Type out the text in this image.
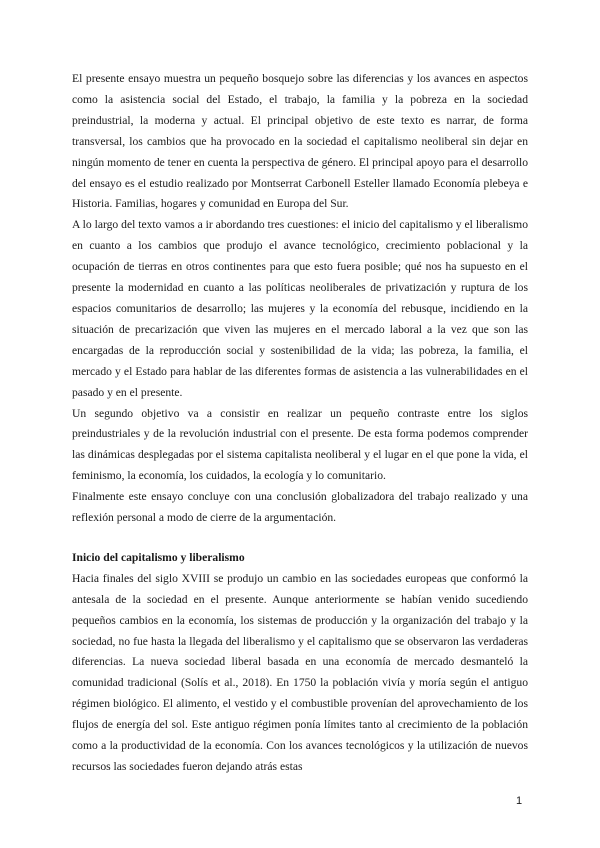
El presente ensayo muestra un pequeño bosquejo sobre las diferencias y los avances en aspectos como la asistencia social del Estado, el trabajo, la familia y la pobreza en la sociedad preindustrial, la moderna y actual. El principal objetivo de este texto es narrar, de forma transversal, los cambios que ha provocado en la sociedad el capitalismo neoliberal sin dejar en ningún momento de tener en cuenta la perspectiva de género. El principal apoyo para el desarrollo del ensayo es el estudio realizado por Montserrat Carbonell Esteller llamado Economía plebeya e Historia. Familias, hogares y comunidad en Europa del Sur.

A lo largo del texto vamos a ir abordando tres cuestiones: el inicio del capitalismo y el liberalismo en cuanto a los cambios que produjo el avance tecnológico, crecimiento poblacional y la ocupación de tierras en otros continentes para que esto fuera posible; qué nos ha supuesto en el presente la modernidad en cuanto a las políticas neoliberales de privatización y ruptura de los espacios comunitarios de desarrollo; las mujeres y la economía del rebusque, incidiendo en la situación de precarización que viven las mujeres en el mercado laboral a la vez que son las encargadas de la reproducción social y sostenibilidad de la vida; las pobreza, la familia, el mercado y el Estado para hablar de las diferentes formas de asistencia a las vulnerabilidades en el pasado y en el presente.

Un segundo objetivo va a consistir en realizar un pequeño contraste entre los siglos preindustriales y de la revolución industrial con el presente. De esta forma podemos comprender las dinámicas desplegadas por el sistema capitalista neoliberal y el lugar en el que pone la vida, el feminismo, la economía, los cuidados, la ecología y lo comunitario.

Finalmente este ensayo concluye con una conclusión globalizadora del trabajo realizado y una reflexión personal a modo de cierre de la argumentación.

Inicio del capitalismo y liberalismo

Hacia finales del siglo XVIII se produjo un cambio en las sociedades europeas que conformó la antesala de la sociedad en el presente. Aunque anteriormente se habían venido sucediendo pequeños cambios en la economía, los sistemas de producción y la organización del trabajo y la sociedad, no fue hasta la llegada del liberalismo y el capitalismo que se observaron las verdaderas diferencias. La nueva sociedad liberal basada en una economía de mercado desmanteló la comunidad tradicional (Solís et al., 2018). En 1750 la población vivía y moría según el antiguo régimen biológico. El alimento, el vestido y el combustible provenían del aprovechamiento de los flujos de energía del sol. Este antiguo régimen ponía límites tanto al crecimiento de la población como a la productividad de la economía. Con los avances tecnológicos y la utilización de nuevos recursos las sociedades fueron dejando atrás estas

1
